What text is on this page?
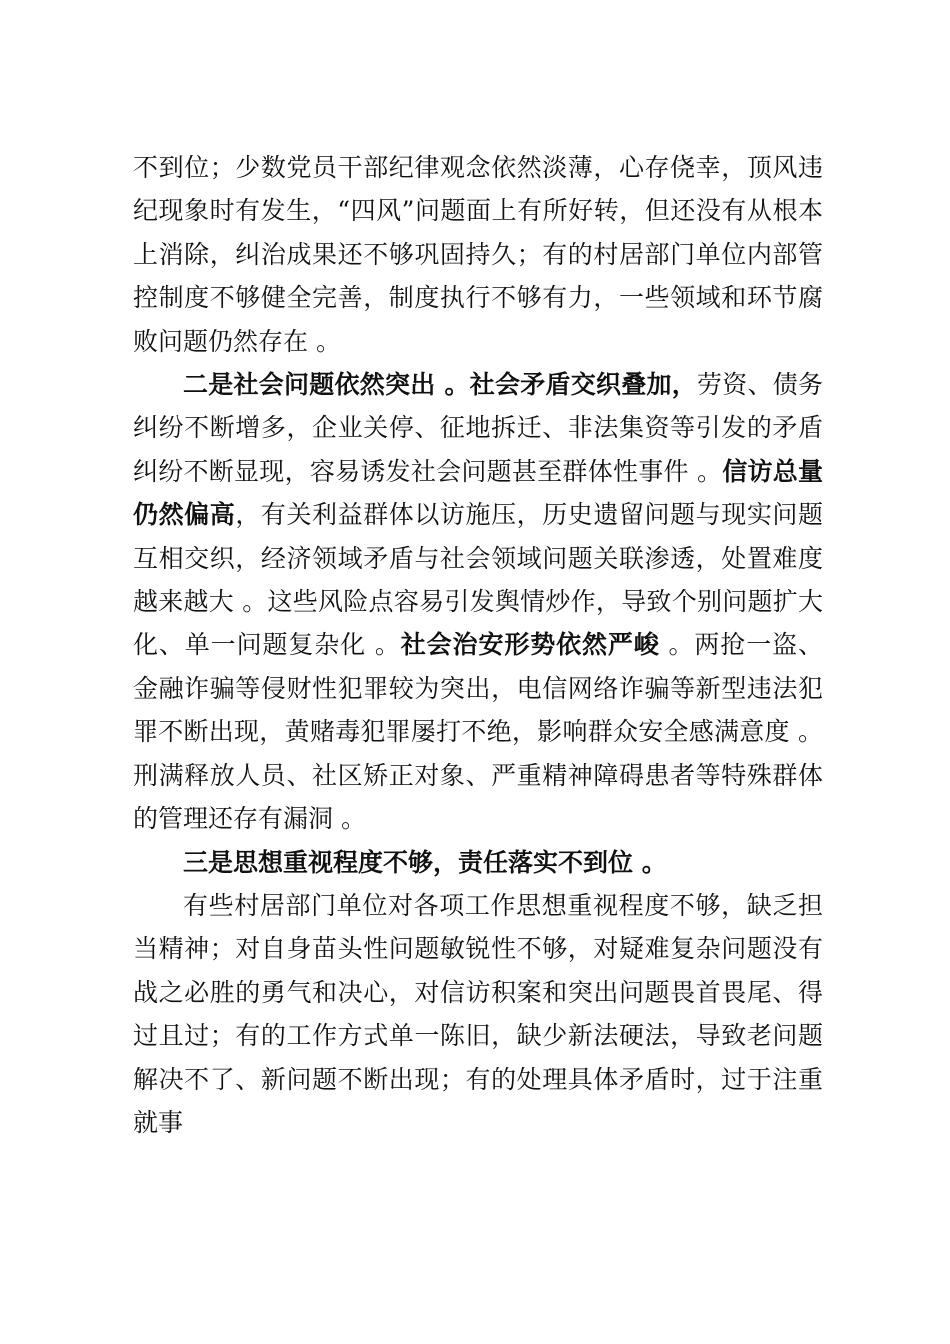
不到位；少数党员干部纪律观念依然淡薄，心存侥幸，顶风违纪现象时有发生，“四风”问题面上有所好转，但还没有从根本上消除，纠治成果还不够巩固持久；有的村居部门单位内部管控制度不够健全完善，制度执行不够有力，一些领域和环节腐败问题仍然存在 。

二是社会问题依然突出 。社会矛盾交织叠加，劳资、债务纠纷不断增多，企业关停、征地拆迁、非法集资等引发的矛盾纠纷不断显现，容易诱发社会问题甚至群体性事件 。信访总量仍然偏高，有关利益群体以访施压，历史遗留问题与现实问题互相交织，经济领域矛盾与社会领域问题关联渗透，处置难度越来越大 。这些风险点容易引发舆情炒作，导致个别问题扩大化、单一问题复杂化 。社会治安形势依然严峻 。两抢一盗、金融诈骗等侵财性犯罪较为突出，电信网络诈骗等新型违法犯罪不断出现，黄赌毒犯罪屡打不绝，影响群众安全感满意度 。刑满释放人员、社区矫正对象、严重精神障碍患者等特殊群体的管理还存有漏洞 。

三是思想重视程度不够，责任落实不到位 。

有些村居部门单位对各项工作思想重视程度不够，缺乏担当精神；对自身苗头性问题敏锐性不够，对疑难复杂问题没有战之必胜的勇气和决心，对信访积案和突出问题畏首畏尾、得过且过；有的工作方式单一陈旧，缺少新法硬法，导致老问题解决不了、新问题不断出现；有的处理具体矛盾时，过于注重就事
